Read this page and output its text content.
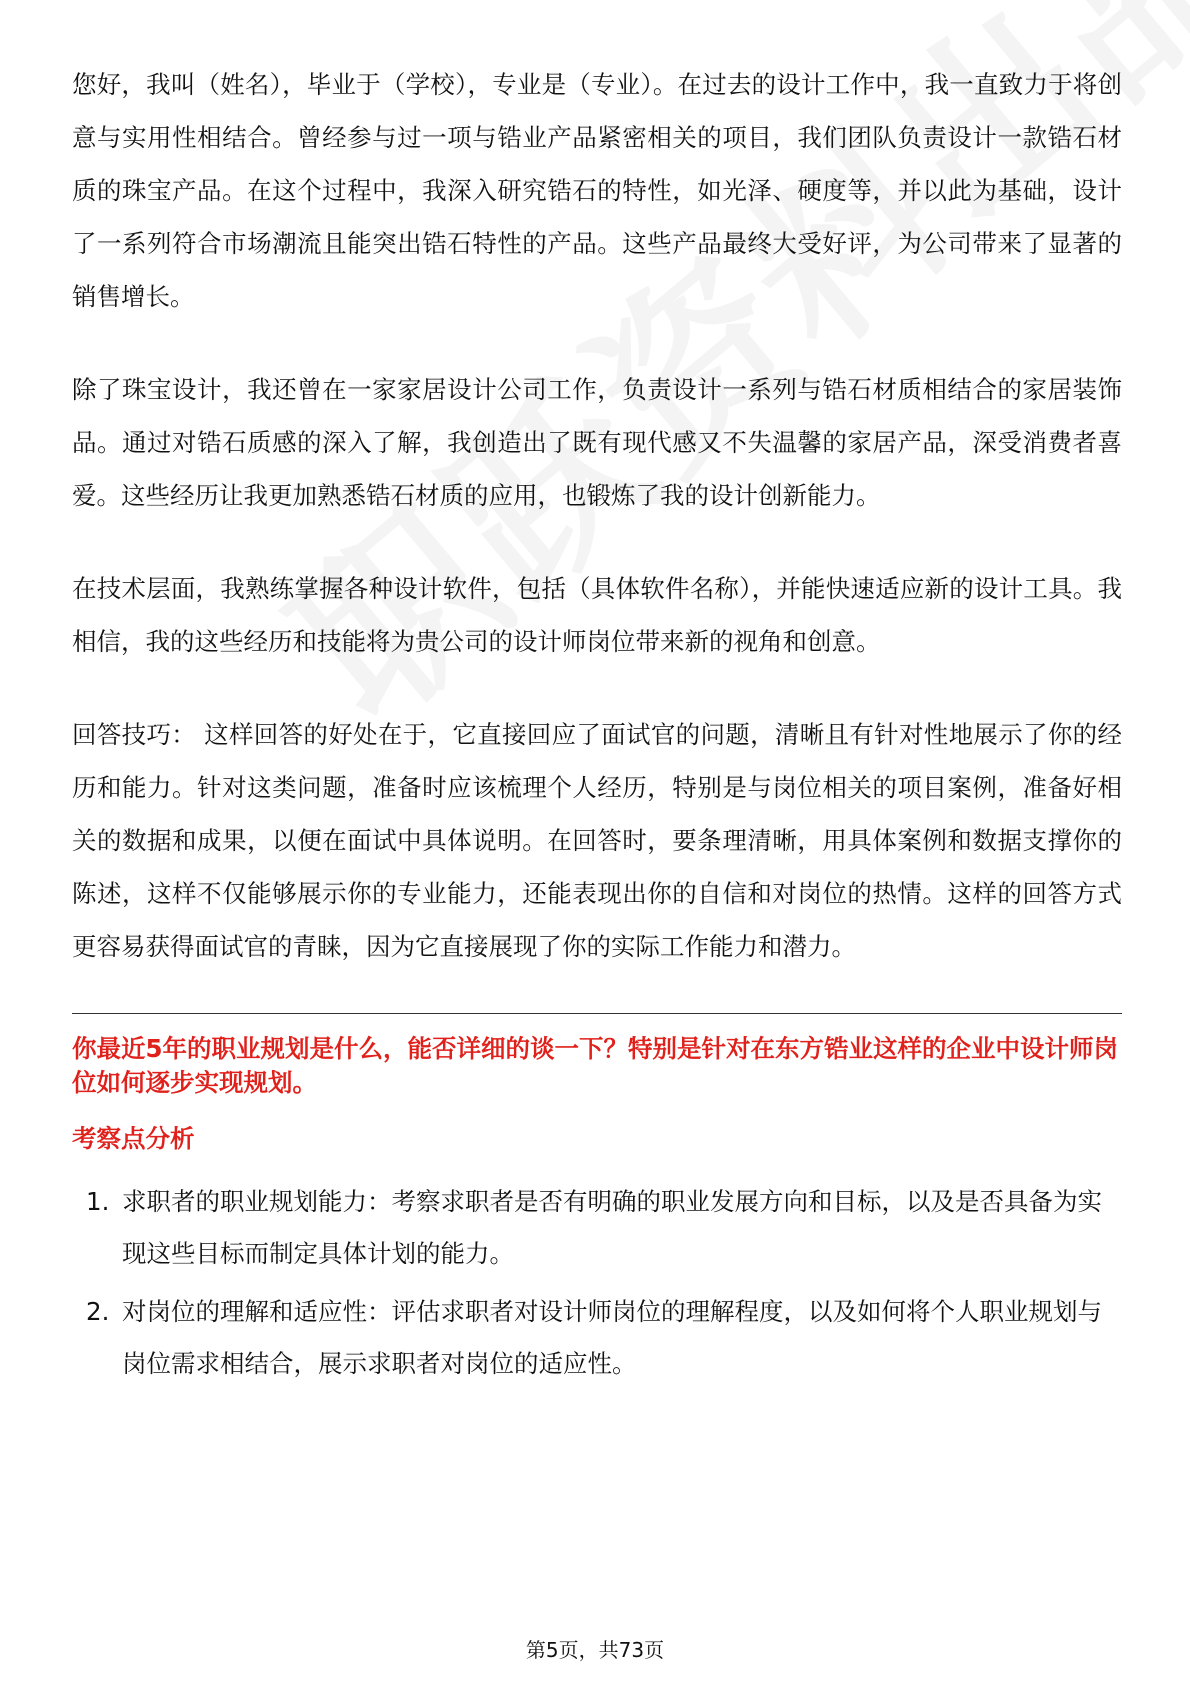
您好，我叫（姓名），毕业于（学校），专业是（专业）。在过去的设计工作中，我一直致力于将创意与实用性相结合。曾经参与过一项与锆业产品紧密相关的项目，我们团队负责设计一款锆石材质的珠宝产品。在这个过程中，我深入研究锆石的特性，如光泽、硬度等，并以此为基础，设计了一系列符合市场潮流且能突出锆石特性的产品。这些产品最终大受好评，为公司带来了显著的销售增长。

除了珠宝设计，我还曾在一家家居设计公司工作，负责设计一系列与锆石材质相结合的家居装饰品。通过对锆石质感的深入了解，我创造出了既有现代感又不失温馨的家居产品，深受消费者喜爱。这些经历让我更加熟悉锆石材质的应用，也锻炼了我的设计创新能力。

在技术层面，我熟练掌握各种设计软件，包括（具体软件名称），并能快速适应新的设计工具。我相信，我的这些经历和技能将为贵公司的设计师岗位带来新的视角和创意。

回答技巧： 这样回答的好处在于，它直接回应了面试官的问题，清晰且有针对性地展示了你的经历和能力。针对这类问题，准备时应该梳理个人经历，特别是与岗位相关的项目案例，准备好相关的数据和成果，以便在面试中具体说明。在回答时，要条理清晰，用具体案例和数据支撑你的陈述，这样不仅能够展示你的专业能力，还能表现出你的自信和对岗位的热情。这样的回答方式更容易获得面试官的青睐，因为它直接展现了你的实际工作能力和潜力。

你最近5年的职业规划是什么，能否详细的谈一下？特别是针对在东方锆业这样的企业中设计师岗位如何逐步实现规划。
考察点分析
1. 求职者的职业规划能力：考察求职者是否有明确的职业发展方向和目标，以及是否具备为实现这些目标而制定具体计划的能力。
2. 对岗位的理解和适应性：评估求职者对设计师岗位的理解程度，以及如何将个人职业规划与岗位需求相结合，展示求职者对岗位的适应性。
第5页，共73页
